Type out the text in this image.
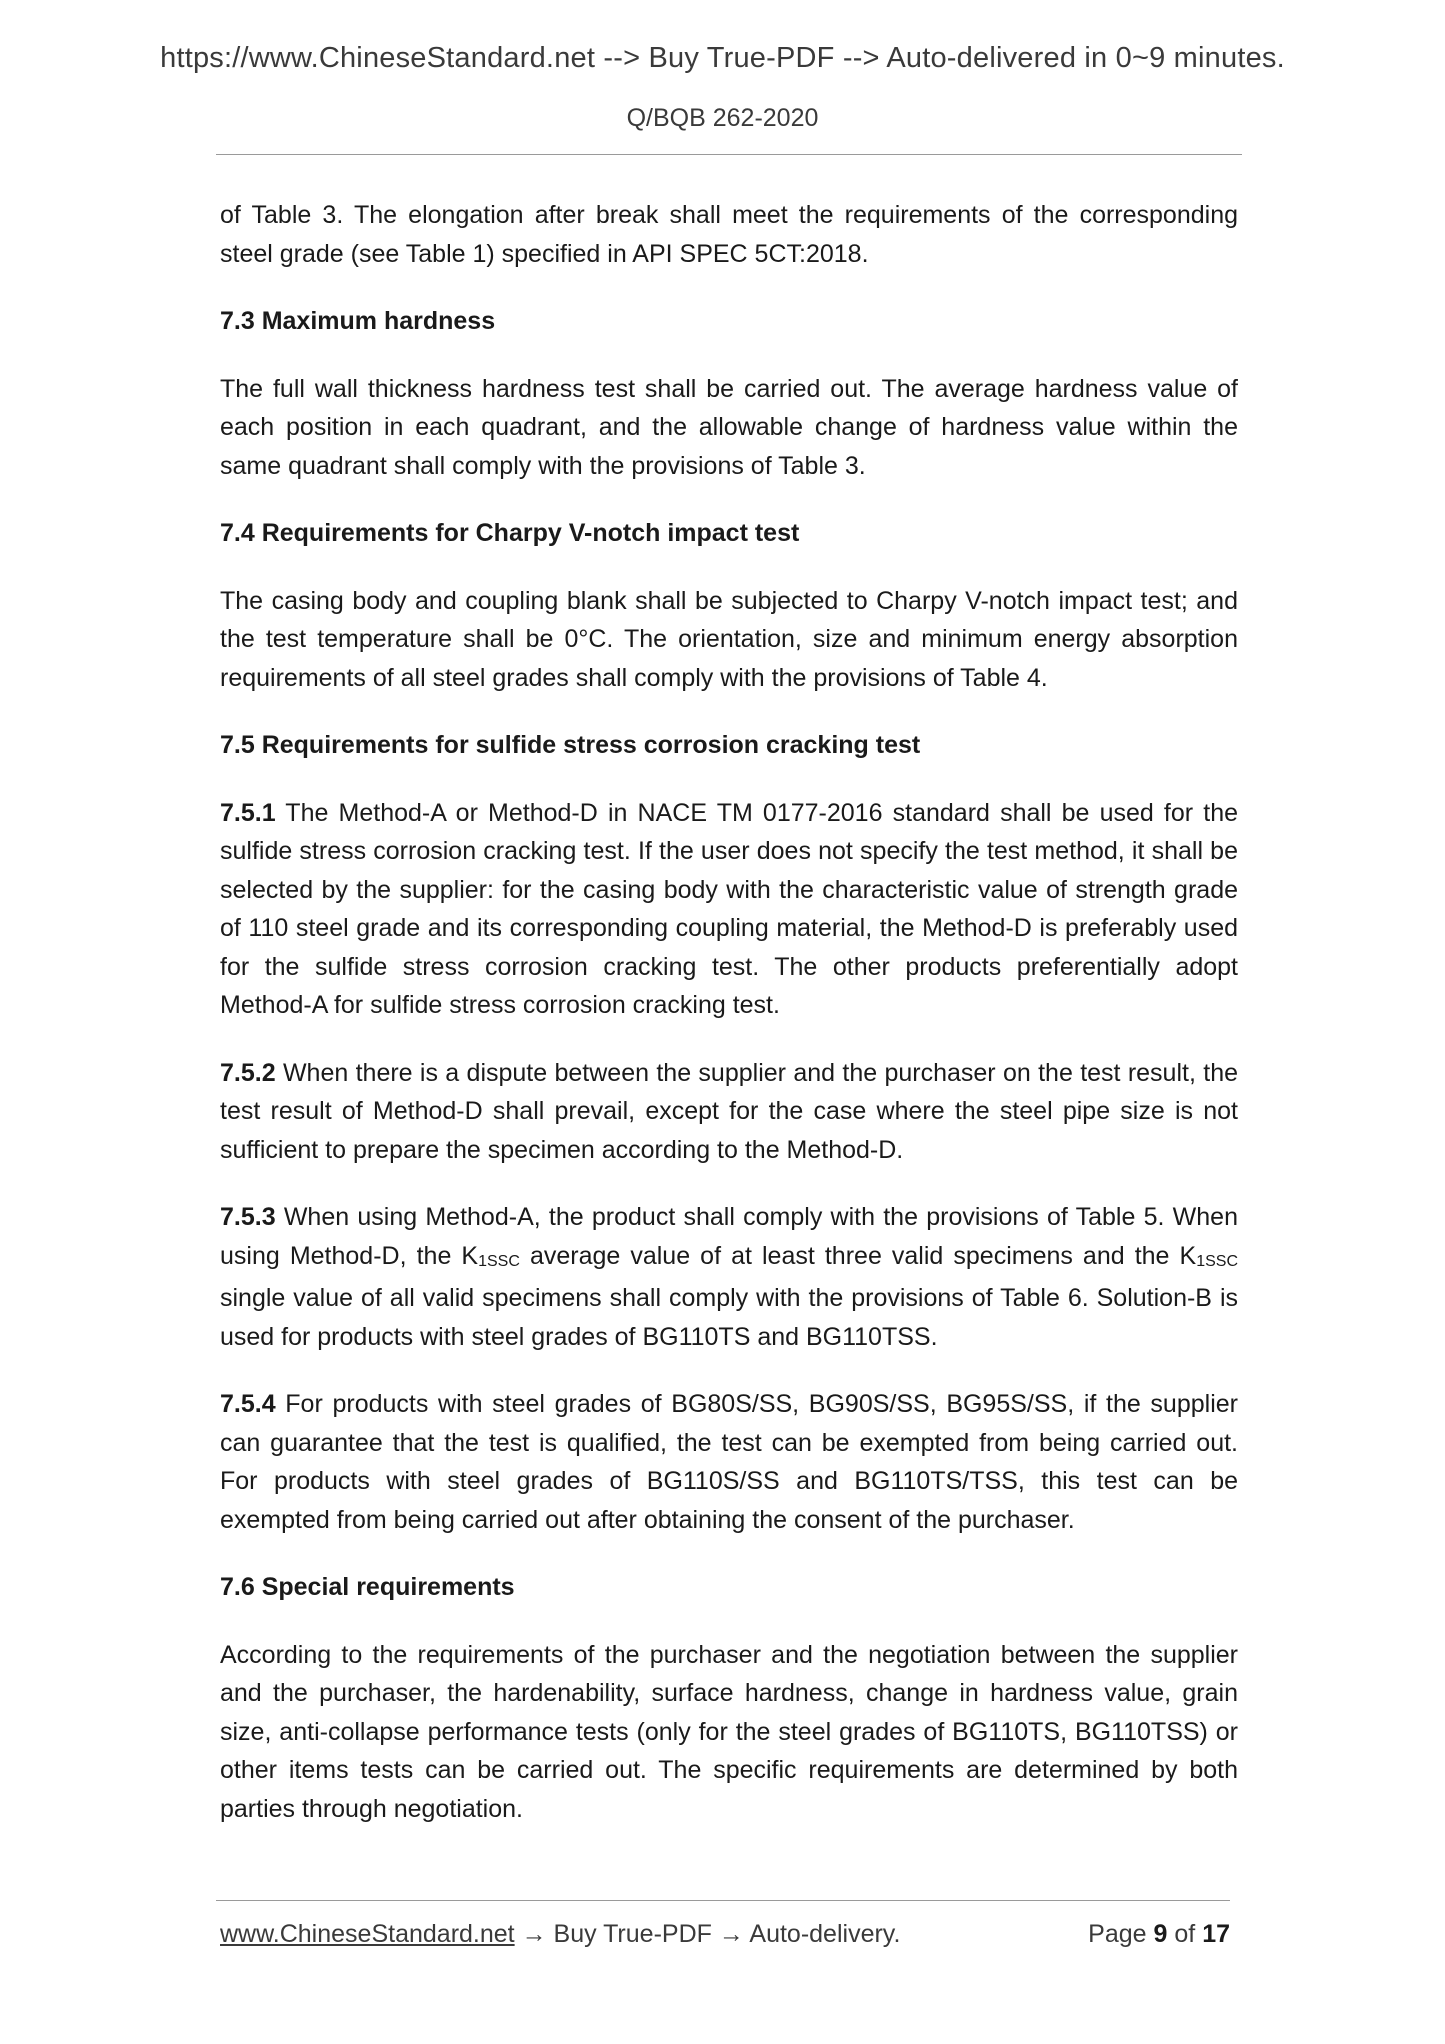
https://www.ChineseStandard.net --> Buy True-PDF --> Auto-delivered in 0~9 minutes.
Q/BQB 262-2020

of Table 3. The elongation after break shall meet the requirements of the corresponding steel grade (see Table 1) specified in API SPEC 5CT:2018.

7.3 Maximum hardness

The full wall thickness hardness test shall be carried out. The average hardness value of each position in each quadrant, and the allowable change of hardness value within the same quadrant shall comply with the provisions of Table 3.

7.4 Requirements for Charpy V-notch impact test

The casing body and coupling blank shall be subjected to Charpy V-notch impact test; and the test temperature shall be 0°C. The orientation, size and minimum energy absorption requirements of all steel grades shall comply with the provisions of Table 4.

7.5 Requirements for sulfide stress corrosion cracking test

7.5.1 The Method-A or Method-D in NACE TM 0177-2016 standard shall be used for the sulfide stress corrosion cracking test. If the user does not specify the test method, it shall be selected by the supplier: for the casing body with the characteristic value of strength grade of 110 steel grade and its corresponding coupling material, the Method-D is preferably used for the sulfide stress corrosion cracking test. The other products preferentially adopt Method-A for sulfide stress corrosion cracking test.

7.5.2 When there is a dispute between the supplier and the purchaser on the test result, the test result of Method-D shall prevail, except for the case where the steel pipe size is not sufficient to prepare the specimen according to the Method-D.

7.5.3 When using Method-A, the product shall comply with the provisions of Table 5. When using Method-D, the $K_{1SSC}$ average value of at least three valid specimens and the $K_{1SSC}$ single value of all valid specimens shall comply with the provisions of Table 6. Solution-B is used for products with steel grades of BG110TS and BG110TSS.

7.5.4 For products with steel grades of BG80S/SS, BG90S/SS, BG95S/SS, if the supplier can guarantee that the test is qualified, the test can be exempted from being carried out. For products with steel grades of BG110S/SS and BG110TS/TSS, this test can be exempted from being carried out after obtaining the consent of the purchaser.

7.6 Special requirements

According to the requirements of the purchaser and the negotiation between the supplier and the purchaser, the hardenability, surface hardness, change in hardness value, grain size, anti-collapse performance tests (only for the steel grades of BG110TS, BG110TSS) or other items tests can be carried out. The specific requirements are determined by both parties through negotiation.

www.ChineseStandard.net → Buy True-PDF → Auto-delivery.	Page 9 of 17
